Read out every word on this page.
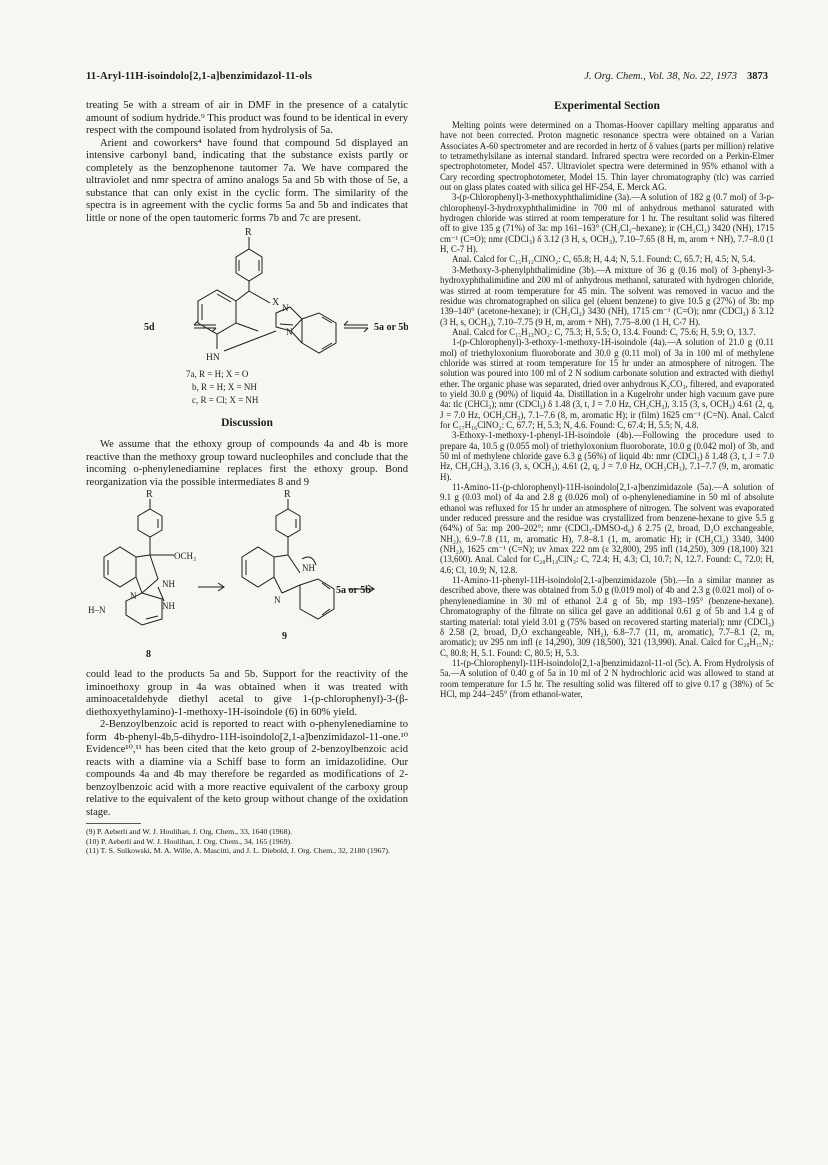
11-Aryl-11H-isoindolo[2,1-a]benzimidazol-11-ols	J. Org. Chem., Vol. 38, No. 22, 1973 3873

treating 5e with a stream of air in DMF in the presence of a catalytic amount of sodium hydride.⁹ This product was found to be identical in every respect with the compound isolated from hydrolysis of 5a.

Arient and coworkers⁴ have found that compound 5d displayed an intensive carbonyl band, indicating that the substance exists partly or completely as the benzophenone tautomer 7a. We have compared the ultraviolet and nmr spectra of amino analogs 5a and 5b with those of 5e, a substance that can only exist in the cyclic form. The similarity of the spectra is in agreement with the cyclic forms 5a and 5b and indicates that little or none of the open tautomeric forms 7b and 7c are present.

R
X N
N
HN
5d	5a or 5b
7a, R = H; X = O
b, R = H; X = NH
c, R = Cl; X = NH

Discussion

We assume that the ethoxy group of compounds 4a and 4b is more reactive than the methoxy group toward nucleophiles and conclude that the incoming o-phenylenediamine replaces first the ethoxy group. Bond reorganization via the possible intermediates 8 and 9

R	R
OCH₃
NH
NH
H–N
NH
N	N
8
9
5a or 5b

could lead to the products 5a and 5b. Support for the reactivity of the iminoethoxy group in 4a was obtained when it was treated with aminoacetaldehyde diethyl acetal to give 1-(p-chlorophenyl)-3-(β-diethoxyethylamino)-1-methoxy-1H-isoindole (6) in 60% yield.

2-Benzoylbenzoic acid is reported to react with o-phenylenediamine to form 4b-phenyl-4b,5-dihydro-11H-isoindolo[2,1-a]benzimidazol-11-one.¹⁰ Evidence¹⁰,¹¹ has been cited that the keto group of 2-benzoylbenzoic acid reacts with a diamine via a Schiff base to form an imidazolidine. Our compounds 4a and 4b may therefore be regarded as modifications of 2-benzoylbenzoic acid with a more reactive equivalent of the carboxy group relative to the equivalent of the keto group without change of the oxidation stage.

(9) P. Aeberli and W. J. Houlihan, J. Org. Chem., 33, 1640 (1968).

(10) P. Aeberli and W. J. Houlihan, J. Org. Chem., 34, 165 (1969).

(11) T. S. Sulkowski, M. A. Wille, A. Mascitti, and J. L. Diebold, J. Org. Chem., 32, 2180 (1967).

Experimental Section

Melting points were determined on a Thomas-Hoover capillary melting apparatus and have not been corrected. Proton magnetic resonance spectra were obtained on a Varian Associates A-60 spectrometer and are recorded in hertz of δ values (parts per million) relative to tetramethylsilane as internal standard. Infrared spectra were recorded on a Perkin-Elmer spectrophotometer, Model 457. Ultraviolet spectra were determined in 95% ethanol with a Cary recording spectrophotometer, Model 15. Thin layer chromatography (tlc) was carried out on glass plates coated with silica gel HF-254, E. Merck AG.

3-(p-Chlorophenyl)-3-methoxyphthalimidine (3a).—A solution of 182 g (0.7 mol) of 3-p-chlorophenyl-3-hydroxyphthalimidine in 700 ml of anhydrous methanol saturated with hydrogen chloride was stirred at room temperature for 1 hr. The resultant solid was filtered off to give 135 g (71%) of 3a: mp 161–163° (CH₂Cl₂–hexane); ir (CH₂Cl₂) 3420 (NH), 1715 cm⁻¹ (C=O); nmr (CDCl₃) δ 3.12 (3 H, s, OCH₃), 7.10–7.65 (8 H, m, arom + NH), 7.7–8.0 (1 H, C-7 H).

Anal. Calcd for C₁₅H₁₂ClNO₂: C, 65.8; H, 4.4; N, 5.1. Found: C, 65.7; H, 4.5; N, 5.4.

3-Methoxy-3-phenylphthalimidine (3b).—A mixture of 36 g (0.16 mol) of 3-phenyl-3-hydroxyphthalimidine and 200 ml of anhydrous methanol, saturated with hydrogen chloride, was stirred at room temperature for 45 min. The solvent was removed in vacuo and the residue was chromatographed on silica gel (eluent benzene) to give 10.5 g (27%) of 3b: mp 139–140° (acetone-hexane); ir (CH₂Cl₂) 3430 (NH), 1715 cm⁻¹ (C=O); nmr (CDCl₃) δ 3.12 (3 H, s, OCH₃), 7.10–7.75 (9 H, m, arom + NH), 7.75–8.00 (1 H, C-7 H).

Anal. Calcd for C₁₅H₁₃NO₂: C, 75.3; H, 5.5; O, 13.4. Found: C, 75.6; H, 5.9; O, 13.7.

1-(p-Chlorophenyl)-3-ethoxy-1-methoxy-1H-isoindole (4a).—A solution of 21.0 g (0.11 mol) of triethyloxonium fluoroborate and 30.0 g (0.11 mol) of 3a in 100 ml of methylene chloride was stirred at room temperature for 15 hr under an atmosphere of nitrogen. The solution was poured into 100 ml of 2 N sodium carbonate solution and extracted with diethyl ether. The organic phase was separated, dried over anhydrous K₂CO₃, filtered, and evaporated to yield 30.0 g (90%) of liquid 4a. Distillation in a Kugelrohr under high vacuum gave pure 4a: tlc (CHCl₃); nmr (CDCl₃) δ 1.48 (3, t, J = 7.0 Hz, CH₂CH₃), 3.15 (3, s, OCH₃) 4.61 (2, q, J = 7.0 Hz, OCH₂CH₃), 7.1–7.6 (8, m, aromatic H); ir (film) 1625 cm⁻¹ (C=N). Anal. Calcd for C₁₇H₁₆ClNO₂: C, 67.7; H, 5.3; N, 4.6. Found: C, 67.4; H, 5.5; N, 4.8.

3-Ethoxy-1-methoxy-1-phenyl-1H-isoindole (4b).—Following the procedure used to prepare 4a, 10.5 g (0.055 mol) of triethyloxonium fluoroborate, 10.0 g (0.042 mol) of 3b, and 50 ml of methylene chloride gave 6.3 g (56%) of liquid 4b: nmr (CDCl₃) δ 1.48 (3, t, J = 7.0 Hz, CH₂CH₃), 3.16 (3, s, OCH₃), 4.61 (2, q, J = 7.0 Hz, OCH₂CH₃), 7.1–7.7 (9, m, aromatic H).

11-Amino-11-(p-chlorophenyl)-11H-isoindolo[2,1-a]benzimidazole (5a).—A solution of 9.1 g (0.03 mol) of 4a and 2.8 g (0.026 mol) of o-phenylenediamine in 50 ml of absolute ethanol was refluxed for 15 hr under an atmosphere of nitrogen. The solvent was evaporated under reduced pressure and the residue was crystallized from benzene-hexane to give 5.5 g (64%) of 5a: mp 200–202°; nmr (CDCl₃-DMSO-d₆) δ 2.75 (2, broad, D₂O exchangeable, NH₂), 6.9–7.8 (11, m, aromatic H), 7.8–8.1 (1, m, aromatic H); ir (CH₂Cl₂) 3340, 3400 (NH₂), 1625 cm⁻¹ (C=N); uv λmax 222 nm (ε 32,800), 295 infl (14,250), 309 (18,100) 321 (13,600). Anal. Calcd for C₂₀H₁₄ClN₃: C, 72.4; H, 4.3; Cl, 10.7; N, 12.7. Found: C, 72.0; H, 4.6; Cl, 10.9; N, 12.8.

11-Amino-11-phenyl-11H-isoindolo[2,1-a]benzimidazole (5b).—In a similar manner as described above, there was obtained from 5.0 g (0.019 mol) of 4b and 2.3 g (0.021 mol) of o-phenylenediamine in 30 ml of ethanol 2.4 g of 5b, mp 193–195° (benzene-hexane). Chromatography of the filtrate on silica gel gave an additional 0.61 g of 5b and 1.4 g of starting material: total yield 3.01 g (75% based on recovered starting material); nmr (CDCl₃) δ 2.58 (2, broad, D₂O exchangeable, NH₂), 6.8–7.7 (11, m, aromatic), 7.7–8.1 (2, m, aromatic); uv 295 nm infl (ε 14,290), 309 (18,500), 321 (13,990). Anal. Calcd for C₂₀H₁₅N₃: C, 80.8; H, 5.1. Found: C, 80.5; H, 5.3.

11-(p-Chlorophenyl)-11H-isoindolo[2,1-a]benzimidazol-11-ol (5c). A. From Hydrolysis of 5a.—A solution of 0.40 g of 5a in 10 ml of 2 N hydrochloric acid was allowed to stand at room temperature for 1.5 hr. The resulting solid was filtered off to give 0.17 g (38%) of 5c HCl, mp 244–245° (from ethanol-water,
